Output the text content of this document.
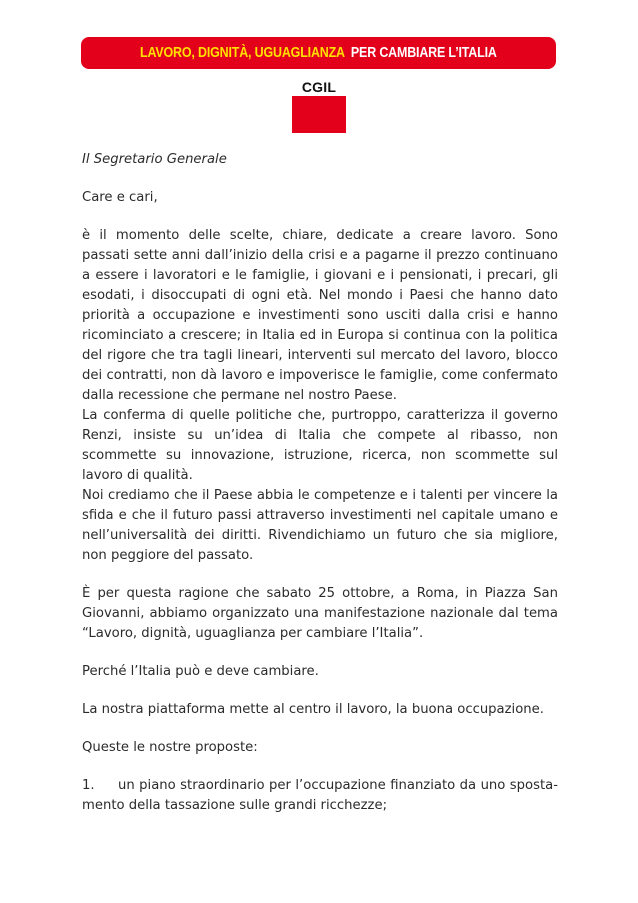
LAVORO, DIGNITÀ, UGUAGLIANZA PER CAMBIARE L’ITALIA
CGIL

Il Segretario Generale

Care e cari,

è il momento delle scelte, chiare, dedicate a creare lavoro. Sono passati sette anni dall’inizio della crisi e a pagarne il prezzo continuano a essere i lavoratori e le famiglie, i giovani e i pensionati, i precari, gli esodati, i disoccupati di ogni età. Nel mondo i Paesi che hanno dato priorità a occupazione e investimenti sono usciti dalla crisi e hanno ricominciato a crescere; in Italia ed in Europa si continua con la politica del rigore che tra tagli lineari, interventi sul mercato del lavoro, blocco dei contratti, non dà lavoro e impoverisce le famiglie, come confermato dalla recessione che permane nel nostro Paese.

La conferma di quelle politiche che, purtroppo, caratterizza il governo Renzi, insiste su un’idea di Italia che compete al ribasso, non scommette su innovazione, istruzione, ricerca, non scommette sul lavoro di qualità.

Noi crediamo che il Paese abbia le competenze e i talenti per vincere la sfida e che il futuro passi attraverso investimenti nel capitale umano e nell’universalità dei diritti. Rivendichiamo un futuro che sia migliore, non peggiore del passato.

È per questa ragione che sabato 25 ottobre, a Roma, in Piazza San Giovanni, abbiamo organizzato una manifestazione nazionale dal tema “Lavoro, dignità, uguaglianza per cambiare l’Italia”.

Perché l’Italia può e deve cambiare.

La nostra piattaforma mette al centro il lavoro, la buona occupazione.

Queste le nostre proposte:

1. un piano straordinario per l’occupazione finanziato da uno sposta-mento della tassazione sulle grandi ricchezze;
